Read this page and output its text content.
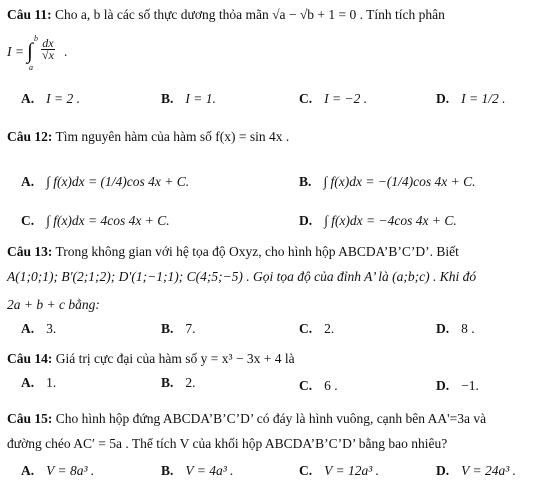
Câu 11: Cho a, b là các số thực dương thỏa mãn √a − √b + 1 = 0 . Tính tích phân
I = ∫ b
a
$\frac{dx}{√x}$ .
A. I = 2 .	B. I = 1.	C. I = −2 .	D. I = 1/2 .
Câu 12: Tìm nguyên hàm của hàm số f(x) = sin 4x .
A. ∫ f(x)dx = (1/4)cos 4x + C.	B. ∫ f(x)dx = −(1/4)cos 4x + C.
C. ∫ f(x)dx = 4cos 4x + C.	D. ∫ f(x)dx = −4cos 4x + C.
Câu 13: Trong không gian với hệ tọa độ Oxyz, cho hình hộp ABCDA’B’C’D’. Biết
A(1;0;1); B′(2;1;2); D′(1;−1;1); C(4;5;−5) . Gọi tọa độ của đỉnh A’ là (a;b;c) . Khi đó
2a + b + c bằng:
A. 3.	B. 7.	C. 2.	D. 8 .
Câu 14: Giá trị cực đại của hàm số y = x³ − 3x + 4 là
A. 1.	B. 2.	C. 6 .	D. −1.
Câu 15: Cho hình hộp đứng ABCDA’B’C’D’ có đáy là hình vuông, cạnh bên AA'=3a và
đường chéo AC′ = 5a . Thể tích V của khối hộp ABCDA’B’C’D’ bằng bao nhiêu?
A. V = 8a³ .	B. V = 4a³ .	C. V = 12a³ .	D. V = 24a³ .
